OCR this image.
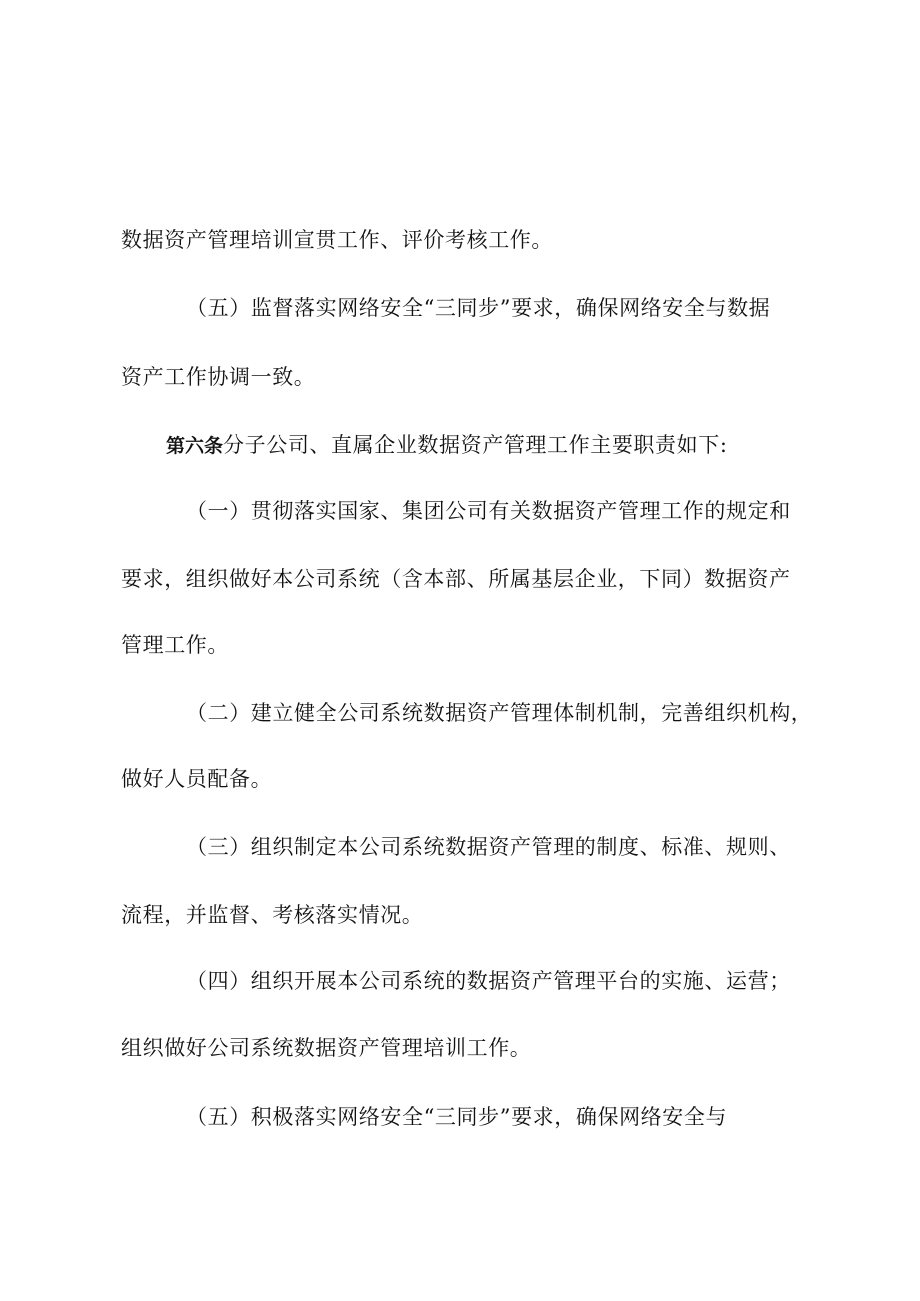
数据资产管理培训宣贯工作、评价考核工作。
（五）监督落实网络安全“三同步”要求，确保网络安全与数据
资产工作协调一致。
第六条分子公司、直属企业数据资产管理工作主要职责如下:
（一）贯彻落实国家、集团公司有关数据资产管理工作的规定和
要求，组织做好本公司系统（含本部、所属基层企业，下同）数据资产
管理工作。
（二）建立健全公司系统数据资产管理体制机制，完善组织机构，
做好人员配备。
（三）组织制定本公司系统数据资产管理的制度、标准、规则、
流程，并监督、考核落实情况。
（四）组织开展本公司系统的数据资产管理平台的实施、运营；
组织做好公司系统数据资产管理培训工作。
（五）积极落实网络安全“三同步”要求，确保网络安全与
